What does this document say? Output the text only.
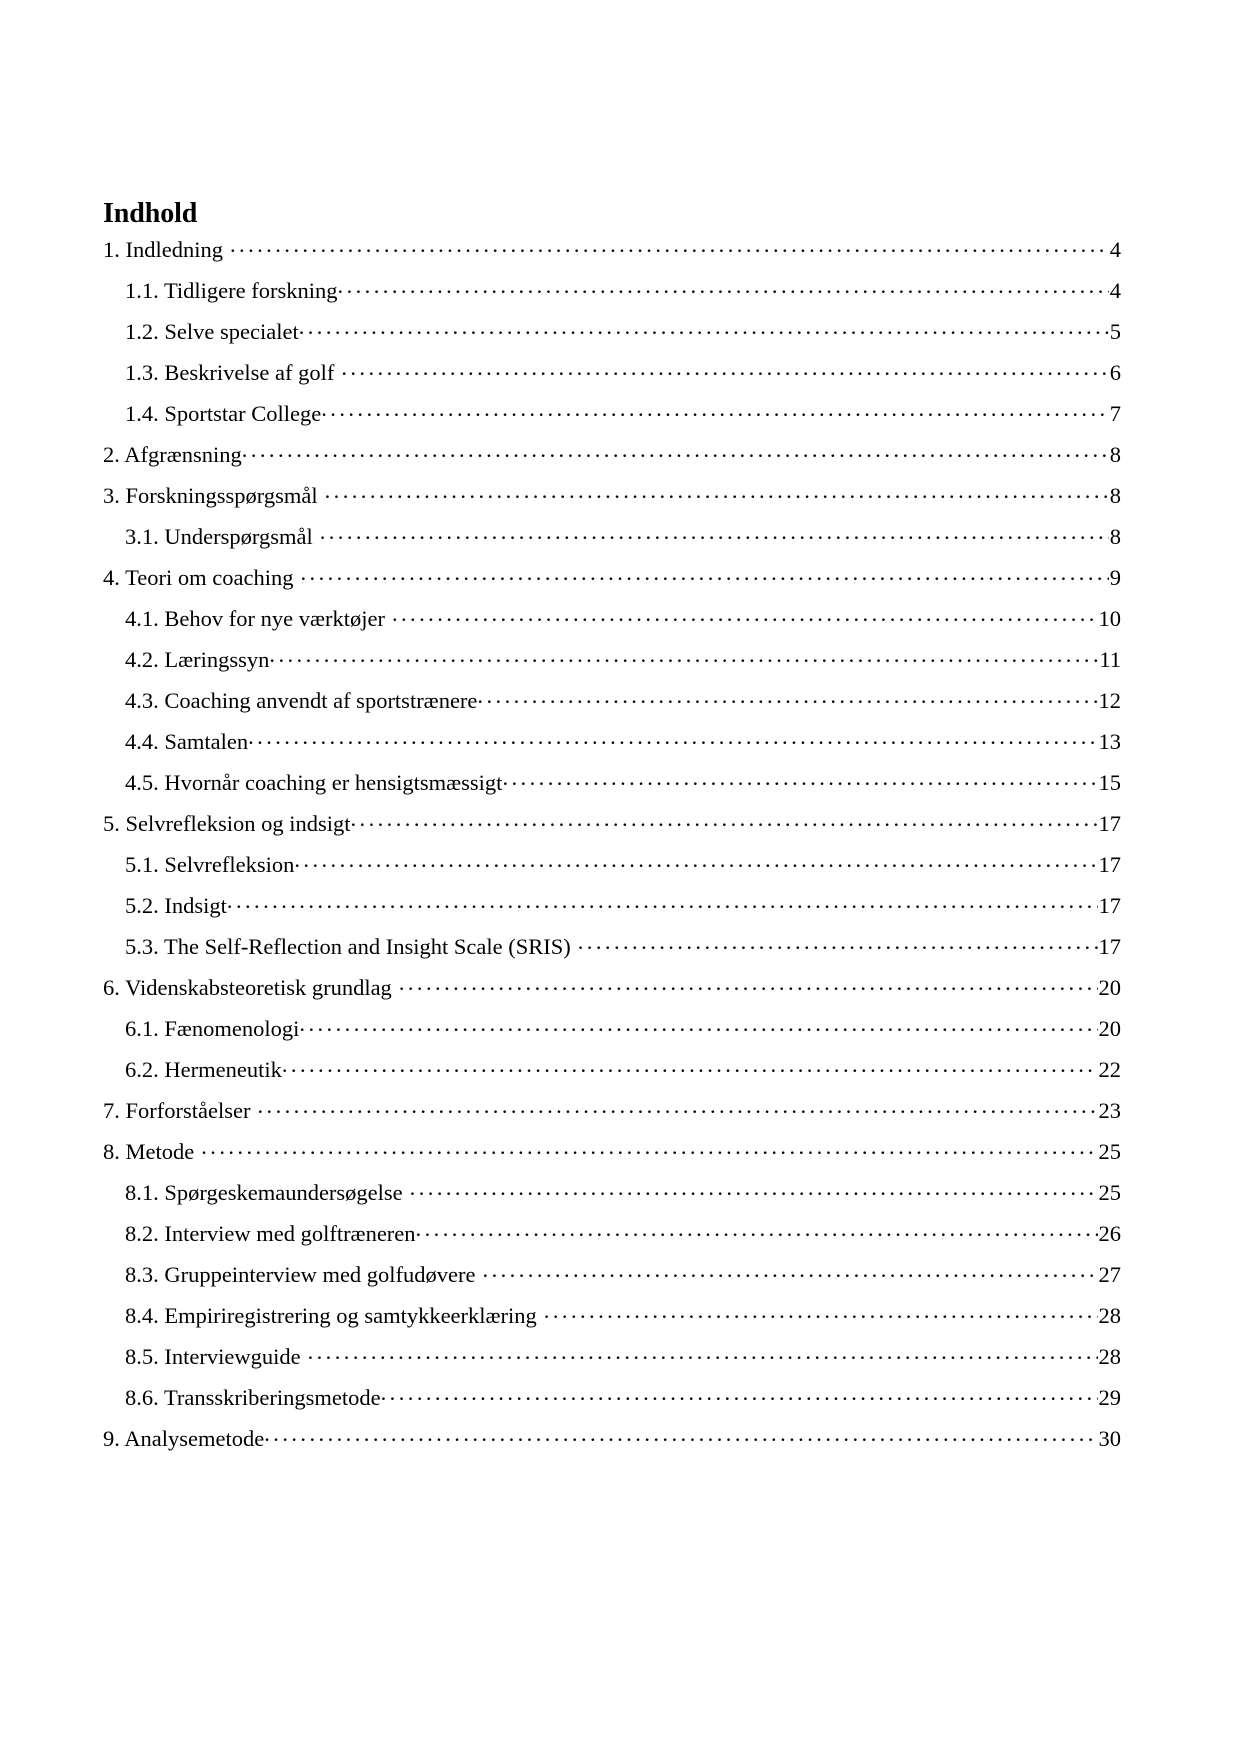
Indhold
1. Indledning . . .	4
1.1. Tidligere forskning . . .	4
1.2. Selve specialet . . .	5
1.3. Beskrivelse af golf . . .	6
1.4. Sportstar College . . .	7
2. Afgrænsning . . .	8
3. Forskningsspørgsmål . . .	8
3.1. Underspørgsmål . . .	8
4. Teori om coaching . . .	9
4.1. Behov for nye værktøjer . . .	10
4.2. Læringssyn . . .	11
4.3. Coaching anvendt af sportstrænere . . .	12
4.4. Samtalen . . .	13
4.5. Hvornår coaching er hensigtsmæssigt . . .	15
5. Selvrefleksion og indsigt . . .	17
5.1. Selvrefleksion . . .	17
5.2. Indsigt . . .	17
5.3. The Self-Reflection and Insight Scale (SRIS) . . .	17
6. Videnskabsteoretisk grundlag . . .	20
6.1. Fænomenologi . . .	20
6.2. Hermeneutik . . .	22
7. Forforståelser . . .	23
8. Metode . . .	25
8.1. Spørgeskemaundersøgelse . . .	25
8.2. Interview med golftræneren . . .	26
8.3. Gruppeinterview med golfudøvere . . .	27
8.4. Empiriregistrering og samtykkeerklæring . . .	28
8.5. Interviewguide . . .	28
8.6. Transskriberingsmetode . . .	29
9. Analysemetode . . .	30
